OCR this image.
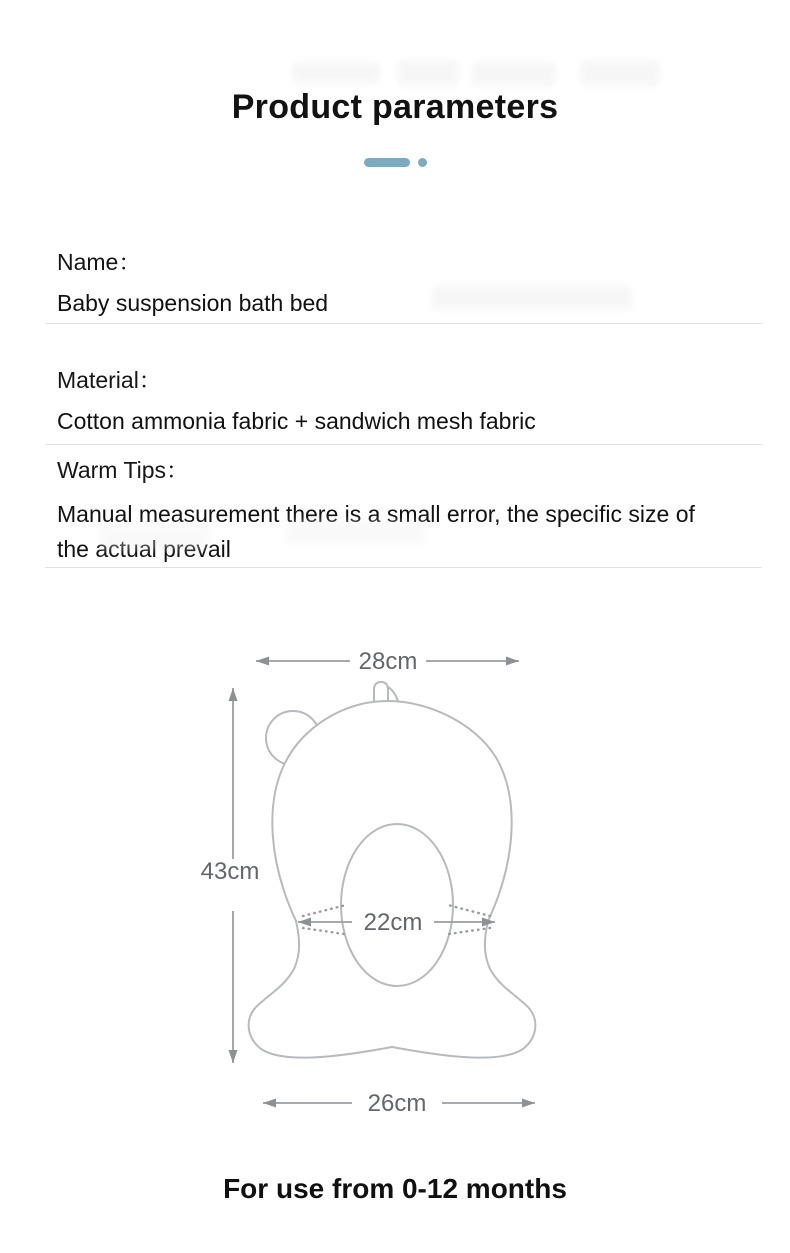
Product parameters
Name：
Baby suspension bath bed
Material：
Cotton ammonia fabric + sandwich mesh fabric
Warm Tips：
Manual measurement there is a small error, the specific size of the actual prevail
28cm
43cm
22cm
26cm
For use from 0-12 months
